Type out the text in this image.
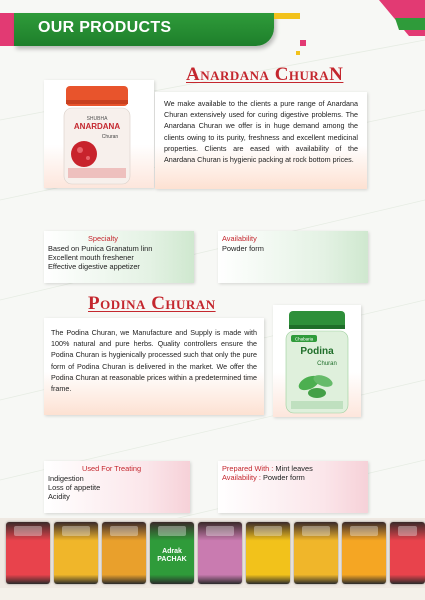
OUR PRODUCTS
Anardana ChuraN
SHUBHA
ANARDANA
Churan
We make available to the clients a pure range of Anardana Churan extensively used for curing digestive problems. The Anardana Churan we offer is in huge demand among the clients owing to its purity, freshness and excellent medicinal properties. Clients are eased with availability of the Anardana Churan is hygienic packing at rock bottom prices.
Specialty
Based on Punica Granatum linn
Excellent mouth freshener
Effective digestive appetizer
Availability
Powder form
Podina Churan
The Podina Churan, we Manufacture and Supply is made with 100% natural and pure herbs. Quality controllers ensure the Podina Churan is hygienically processed such that only the pure form of Podina Churan is delivered in the market. We offer the Podina Churan at reasonable prices within a predetermined time frame.
Chabaria
Podina
Churan
Used For Treating
Indigestion
Loss of appetite
Acidity
Prepared With : Mint leaves
Availability : Powder form
Adrak PACHAK
